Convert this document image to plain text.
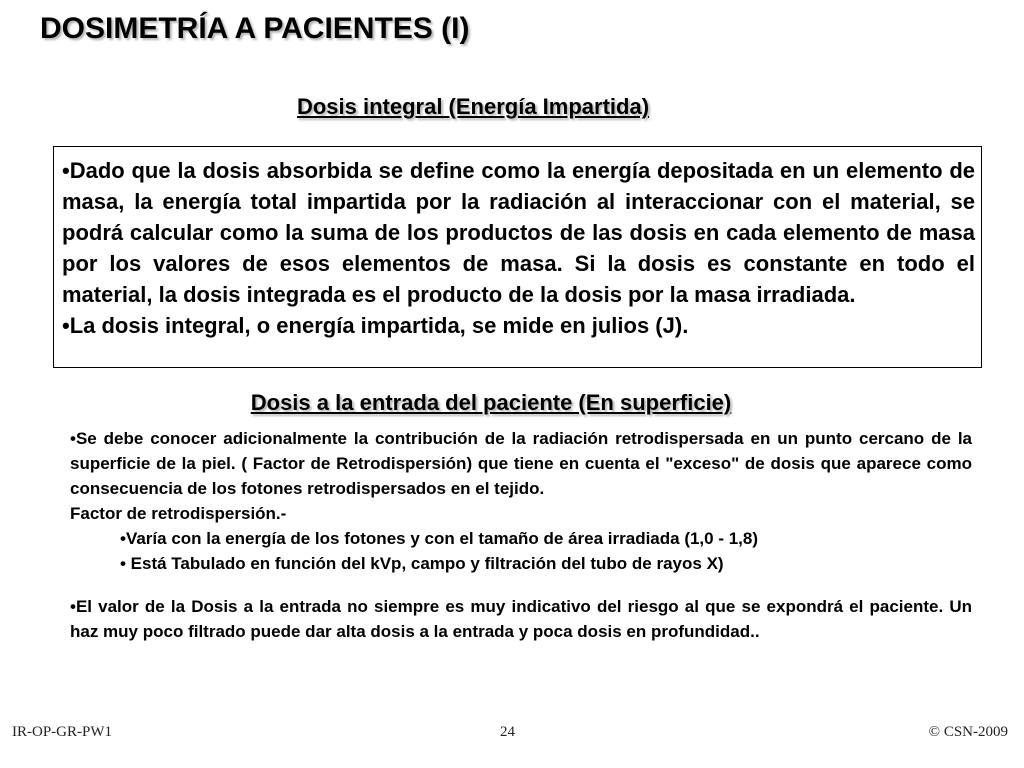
DOSIMETRÍA A PACIENTES (I)
Dosis integral (Energía Impartida)

•Dado que la dosis absorbida se define como la energía depositada en un elemento de masa, la energía total impartida por la radiación al interaccionar con el material, se podrá calcular como la suma de los productos de las dosis en cada elemento de masa por los valores de esos elementos de masa. Si la dosis es constante en todo el material, la dosis integrada es el producto de la dosis por la masa irradiada.

•La dosis integral, o energía impartida, se mide en julios (J).

Dosis a la entrada del paciente (En superficie)

•Se debe conocer adicionalmente la contribución de la radiación retrodispersada en un punto cercano de la superficie de la piel. ( Factor de Retrodispersión) que tiene en cuenta el "exceso" de dosis que aparece como consecuencia de los fotones retrodispersados en el tejido.

Factor de retrodispersión.-

•Varía con la energía de los fotones y con el tamaño de área irradiada (1,0 - 1,8)

• Está Tabulado en función del kVp, campo y filtración del tubo de rayos X)

•El valor de la Dosis a la entrada no siempre es muy indicativo del riesgo al que se expondrá el paciente. Un haz muy poco filtrado puede dar alta dosis a la entrada y poca dosis en profundidad..

IR-OP-GR-PW1	24	© CSN-2009
